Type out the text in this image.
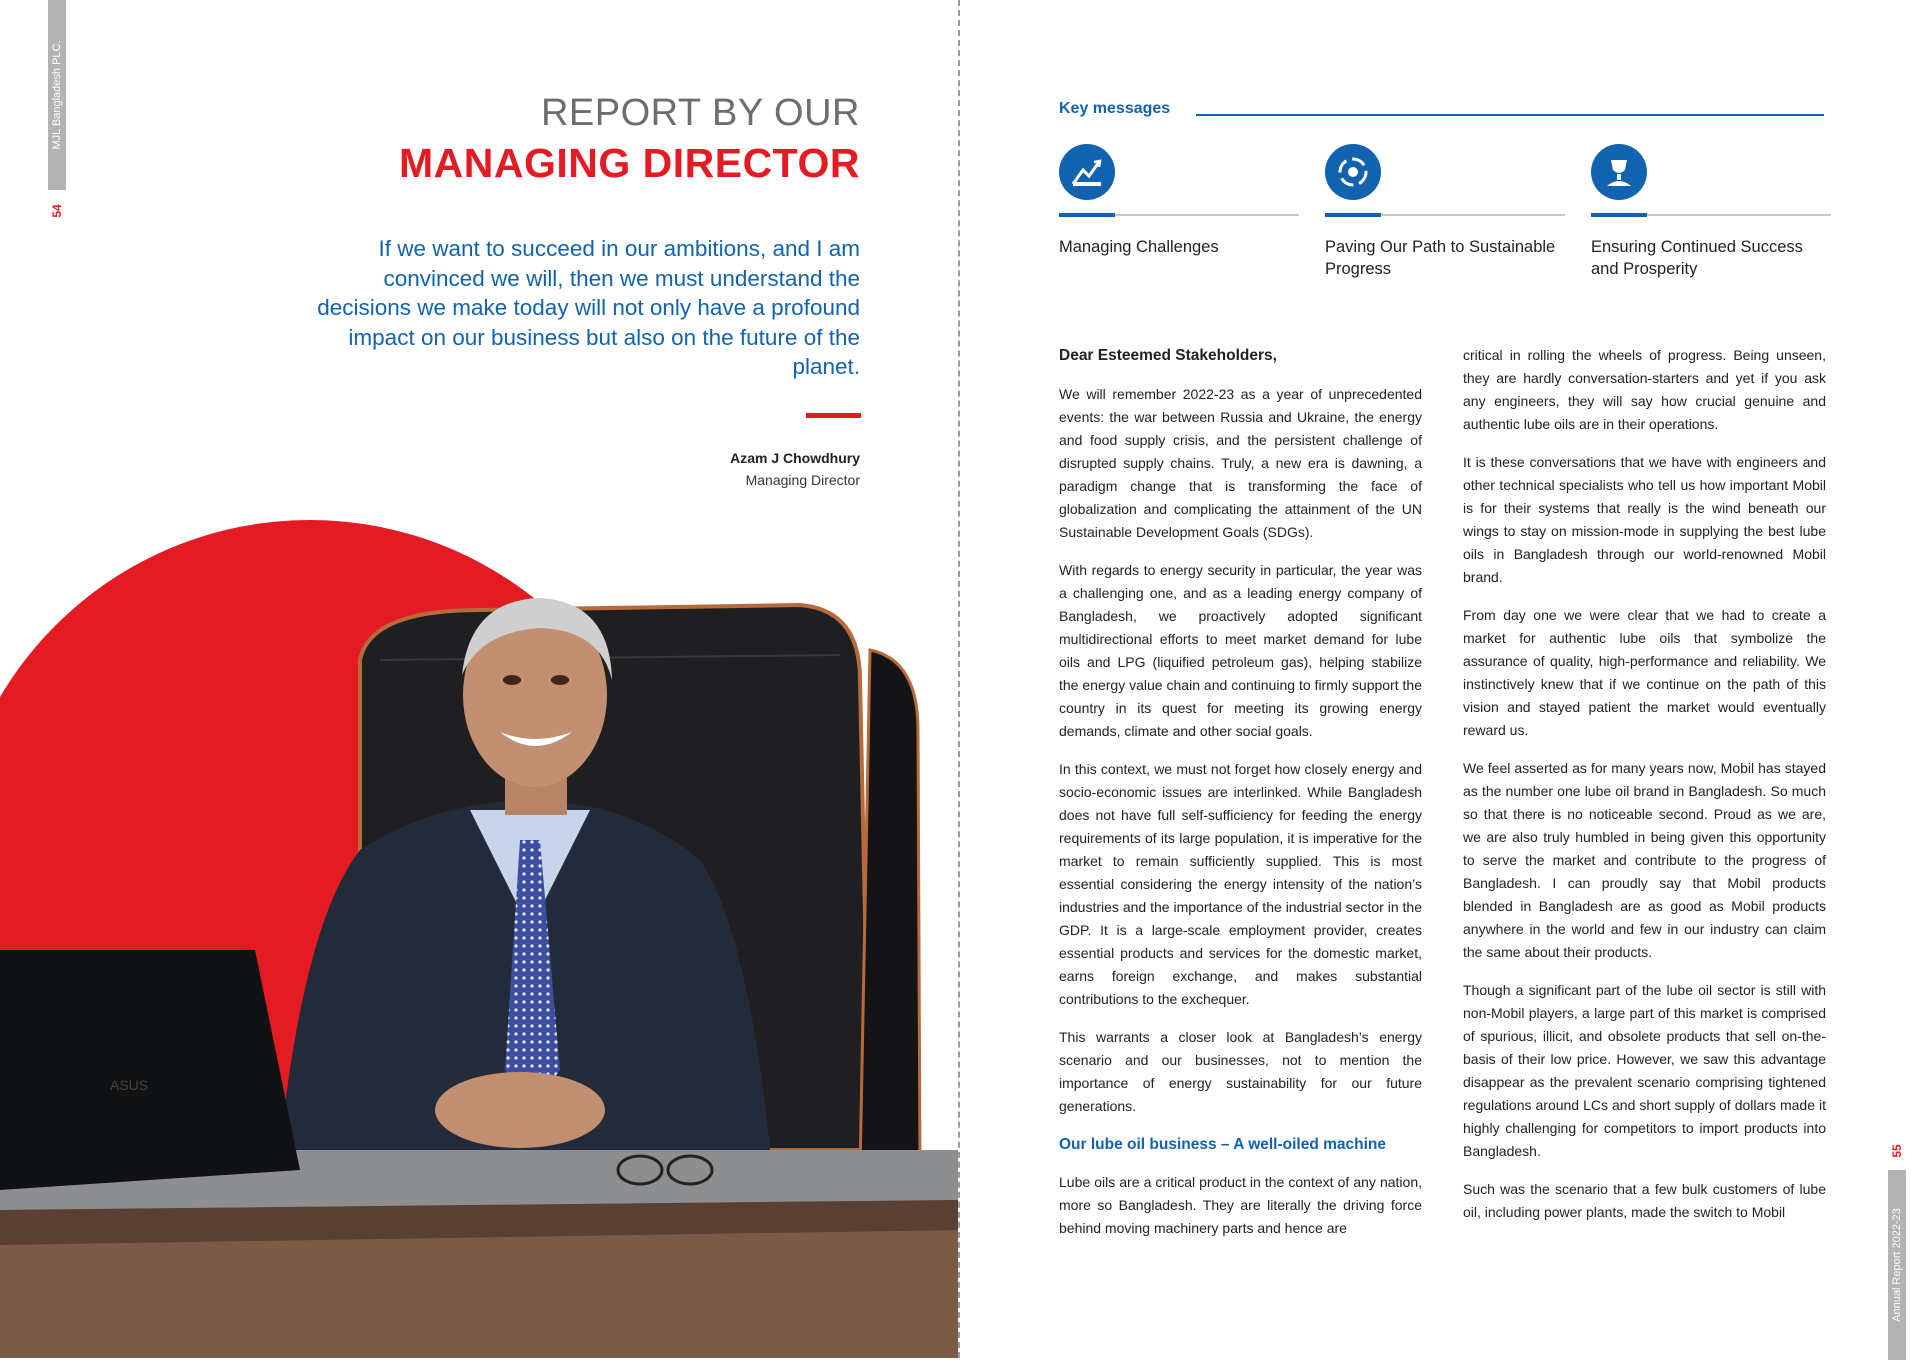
MJL Bangladesh PLC.
54
REPORT BY OUR
MANAGING DIRECTOR
If we want to succeed in our ambitions, and I am convinced we will, then we must understand the decisions we make today will not only have a profound impact on our business but also on the future of the planet.
Azam J Chowdhury
Managing Director
ASUS
Key messages
Managing Challenges	Paving Our Path to Sustainable Progress
Ensuring Continued Success and Prosperity

Dear Esteemed Stakeholders,

We will remember 2022-23 as a year of unprecedented events: the war between Russia and Ukraine, the energy and food supply crisis, and the persistent challenge of disrupted supply chains. Truly, a new era is dawning, a paradigm change that is transforming the face of globalization and complicating the attainment of the UN Sustainable Development Goals (SDGs).

With regards to energy security in particular, the year was a challenging one, and as a leading energy company of Bangladesh, we proactively adopted significant multidirectional efforts to meet market demand for lube oils and LPG (liquified petroleum gas), helping stabilize the energy value chain and continuing to firmly support the country in its quest for meeting its growing energy demands, climate and other social goals.

In this context, we must not forget how closely energy and socio-economic issues are interlinked. While Bangladesh does not have full self-sufficiency for feeding the energy requirements of its large population, it is imperative for the market to remain sufficiently supplied. This is most essential considering the energy intensity of the nation’s industries and the importance of the industrial sector in the GDP. It is a large-scale employment provider, creates essential products and services for the domestic market, earns foreign exchange, and makes substantial contributions to the exchequer.

This warrants a closer look at Bangladesh’s energy scenario and our businesses, not to mention the importance of energy sustainability for our future generations.

Our lube oil business – A well-oiled machine

Lube oils are a critical product in the context of any nation, more so Bangladesh. They are literally the driving force behind moving machinery parts and hence are

critical in rolling the wheels of progress. Being unseen, they are hardly conversation-starters and yet if you ask any engineers, they will say how crucial genuine and authentic lube oils are in their operations.

It is these conversations that we have with engineers and other technical specialists who tell us how important Mobil is for their systems that really is the wind beneath our wings to stay on mission-mode in supplying the best lube oils in Bangladesh through our world-renowned Mobil brand.

From day one we were clear that we had to create a market for authentic lube oils that symbolize the assurance of quality, high-performance and reliability. We instinctively knew that if we continue on the path of this vision and stayed patient the market would eventually reward us.

We feel asserted as for many years now, Mobil has stayed as the number one lube oil brand in Bangladesh. So much so that there is no noticeable second. Proud as we are, we are also truly humbled in being given this opportunity to serve the market and contribute to the progress of Bangladesh. I can proudly say that Mobil products blended in Bangladesh are as good as Mobil products anywhere in the world and few in our industry can claim the same about their products.

Though a significant part of the lube oil sector is still with non-Mobil players, a large part of this market is comprised of spurious, illicit, and obsolete products that sell on-the-basis of their low price. However, we saw this advantage disappear as the prevalent scenario comprising tightened regulations around LCs and short supply of dollars made it highly challenging for competitors to import products into Bangladesh.

Such was the scenario that a few bulk customers of lube oil, including power plants, made the switch to Mobil	Annual Report 2022-23
55
